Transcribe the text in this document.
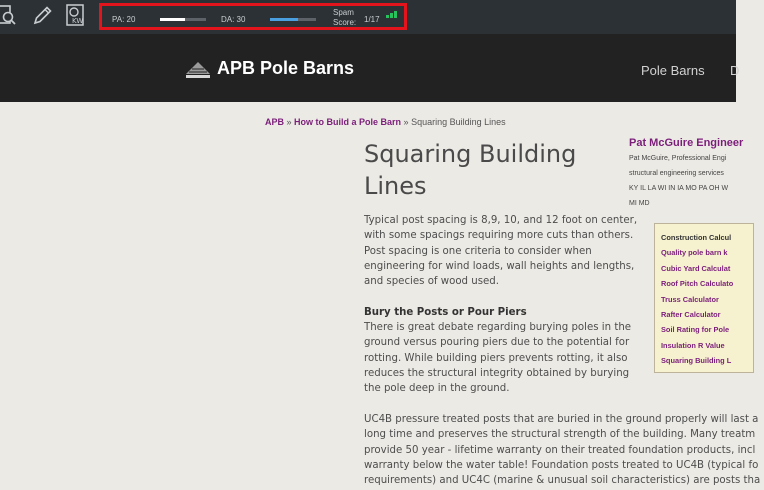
KW	PA: 20	DA: 30
Spam Score: 1/17
APB Pole Barns	Pole Barns D
APB » How to Build a Pole Barn » Squaring Building Lines
Squaring Building Lines

Typical post spacing is 8,9, 10, and 12 foot on center, with some spacings requiring more cuts than others. Post spacing is one criteria to consider when engineering for wind loads, wall heights and lengths, and species of wood used.

Bury the Posts or Pour Piers

There is great debate regarding burying poles in the ground versus pouring piers due to the potential for rotting. While building piers prevents rotting, it also reduces the structural integrity obtained by burying the pole deep in the ground.

UC4B pressure treated posts that are buried in the ground properly will last a
long time and preserves the structural strength of the building. Many treatm
provide 50 year - lifetime warranty on their treated foundation products, incl
warranty below the water table! Foundation posts treated to UC4B (typical fo
requirements) and UC4C (marine & unusual soil characteristics) are posts tha
Pat McGuire Engineer
Pat McGuire, Professional Engi
structural engineering services
KY IL LA WI IN IA MO PA OH W
MI MD
Construction Calcul
Quality pole barn k
Cubic Yard Calculat
Roof Pitch Calculato
Truss Calculator
Rafter Calculator
Soil Rating for Pole
Insulation R Value
Squaring Building L
